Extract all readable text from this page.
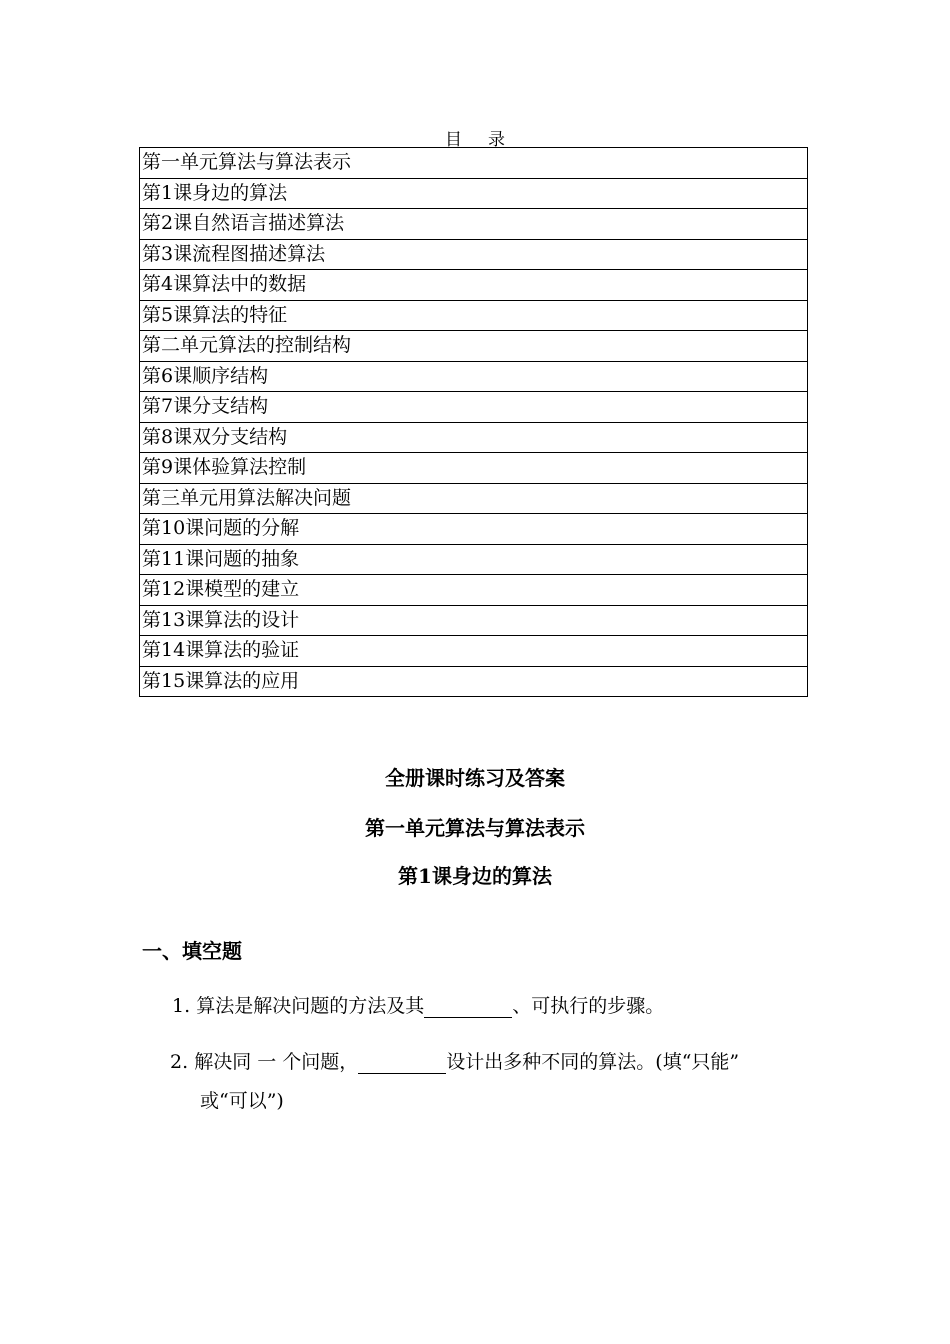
目录
第一单元算法与算法表示
第1课身边的算法
第2课自然语言描述算法
第3课流程图描述算法
第4课算法中的数据
第5课算法的特征
第二单元算法的控制结构
第6课顺序结构
第7课分支结构
第8课双分支结构
第9课体验算法控制
第三单元用算法解决问题
第10课问题的分解
第11课问题的抽象
第12课模型的建立
第13课算法的设计
第14课算法的验证
第15课算法的应用
全册课时练习及答案
第一单元算法与算法表示
第1课身边的算法
一、填空题
1. 算法是解决问题的方法及其	、可执行的步骤。
2. 解决同 一 个问题，	设计出多种不同的算法。(填“只能”
或“可以”)
